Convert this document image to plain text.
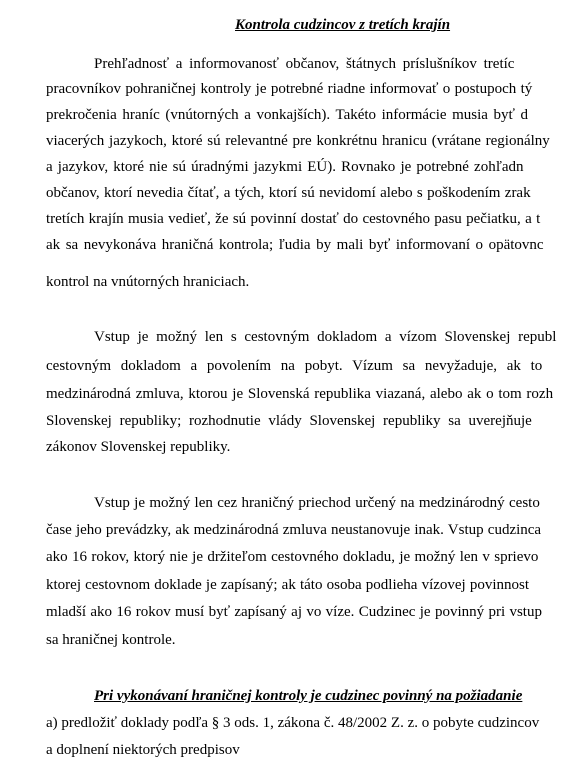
Kontrola cudzincov z tretích krajín
Prehľadnosť a informovanosť občanov, štátnych príslušníkov tretíc
pracovníkov pohraničnej kontroly je potrebné riadne informovať o postupoch tý
prekročenia hraníc (vnútorných a vonkajších). Takéto informácie musia byť d
viacerých jazykoch, ktoré sú relevantné pre konkrétnu hranicu (vrátane regionálny
a jazykov, ktoré nie sú úradnými jazykmi EÚ). Rovnako je potrebné zohľadn
občanov, ktorí nevedia čítať, a tých, ktorí sú nevidomí alebo s poškodením zrak
tretích krajín musia vedieť, že sú povinní dostať do cestovného pasu pečiatku, a t
ak sa nevykonáva hraničná kontrola; ľudia by mali byť informovaní o opätovnc
kontrol na vnútorných hraniciach.
Vstup je možný len s cestovným dokladom a vízom Slovenskej republ
cestovným dokladom a povolením na pobyt. Vízum sa nevyžaduje, ak to
medzinárodná zmluva, ktorou je Slovenská republika viazaná, alebo ak o tom rozh
Slovenskej republiky; rozhodnutie vlády Slovenskej republiky sa uverejňuje
zákonov Slovenskej republiky.
Vstup je možný len cez hraničný priechod určený na medzinárodný cesto
čase jeho prevádzky, ak medzinárodná zmluva neustanovuje inak. Vstup cudzinca
ako 16 rokov, ktorý nie je držiteľom cestovného dokladu, je možný len v sprievo
ktorej cestovnom doklade je zapísaný; ak táto osoba podlieha vízovej povinnost
mladší ako 16 rokov musí byť zapísaný aj vo víze. Cudzinec je povinný pri vstup
sa hraničnej kontrole.
Pri vykonávaní hraničnej kontroly je cudzinec povinný na požiadanie
a) predložiť doklady podľa § 3 ods. 1, zákona č. 48/2002 Z. z. o pobyte cudzincov
a doplnení niektorých predpisov
